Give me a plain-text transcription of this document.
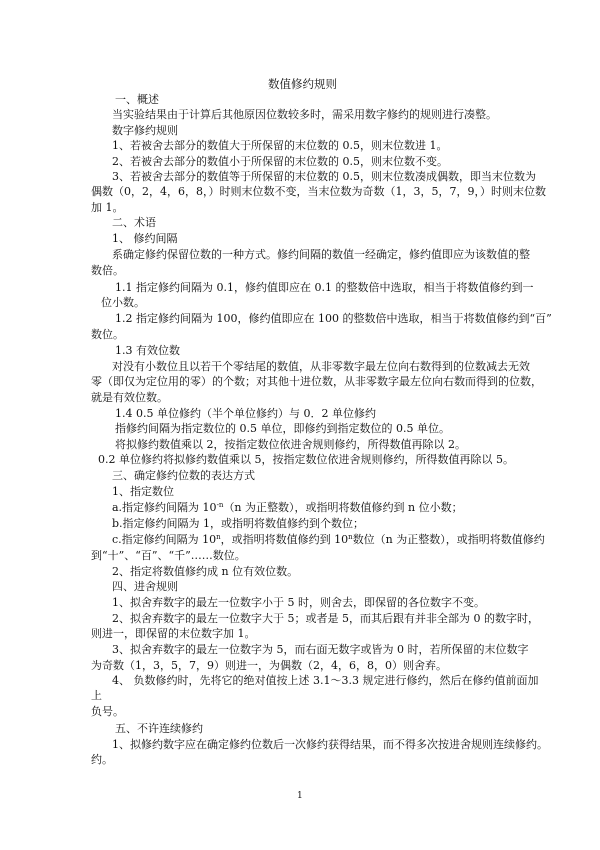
数值修约规则
一、概述
当实验结果由于计算后其他原因位数较多时，需采用数字修约的规则进行凑整。
数字修约规则
1、若被舍去部分的数值大于所保留的末位数的 0.5，则末位数进 1。
2、若被舍去部分的数值小于所保留的末位数的 0.5，则末位数不变。
3、若被舍去部分的数值等于所保留的末位数的 0.5，则末位数凑成偶数，即当末位数为
偶数（0，2，4，6，8，）时则末位数不变，当末位数为奇数（1，3，5，7，9，）时则末位数
加 1。
二、术语
1、 修约间隔
系确定修约保留位数的一种方式。修约间隔的数值一经确定，修约值即应为该数值的整
数倍。
1.1 指定修约间隔为 0.1，修约值即应在 0.1 的整数倍中选取，相当于将数值修约到一
位小数。
1.2 指定修约间隔为 100，修约值即应在 100 的整数倍中选取，相当于将数值修约到“百”
数位。
1.3 有效位数
对没有小数位且以若干个零结尾的数值，从非零数字最左位向右数得到的位数减去无效
零（即仅为定位用的零）的个数；对其他十进位数，从非零数字最左位向右数而得到的位数，
就是有效位数。
1.4 0.5 单位修约（半个单位修约）与 0．2 单位修约
指修约间隔为指定数位的 0.5 单位，即修约到指定数位的 0.5 单位。
将拟修约数值乘以 2，按指定数位依进舍规则修约，所得数值再除以 2。
0.2 单位修约将拟修约数值乘以 5，按指定数位依进舍规则修约，所得数值再除以 5。
三、确定修约位数的表达方式
1、指定数位
a.指定修约间隔为 $10^{-n}(n$ 为正整数），或指明将数值修约到 n 位小数；
b.指定修约间隔为 1，或指明将数值修约到个数位；
c.指定修约间隔为 10$^n$，或指明将数值修约到 10$^n$数位（n 为正整数），或指明将数值修约
到“十”、“百”、“千”……数位。
2、指定将数值修约成 n 位有效位数。
四、进舍规则
1、拟舍弃数字的最左一位数字小于 5 时，则舍去，即保留的各位数字不变。
2、拟舍弃数字的最左一位数字大于 5；或者是 5，而其后跟有并非全部为 0 的数字时，
则进一，即保留的末位数字加 1。
3、拟舍弃数字的最左一位数字为 5，而右面无数字或皆为 0 时，若所保留的末位数字
为奇数（1，3，5，7，9）则进一，为偶数（2，4，6，8，0）则舍弃。
4、 负数修约时，先将它的绝对值按上述 3.1～3.3 规定进行修约，然后在修约值前面加
上
负号。
五、不许连续修约
1、拟修约数字应在确定修约位数后一次修约获得结果，而不得多次按进舍规则连续修约。
约。
1
